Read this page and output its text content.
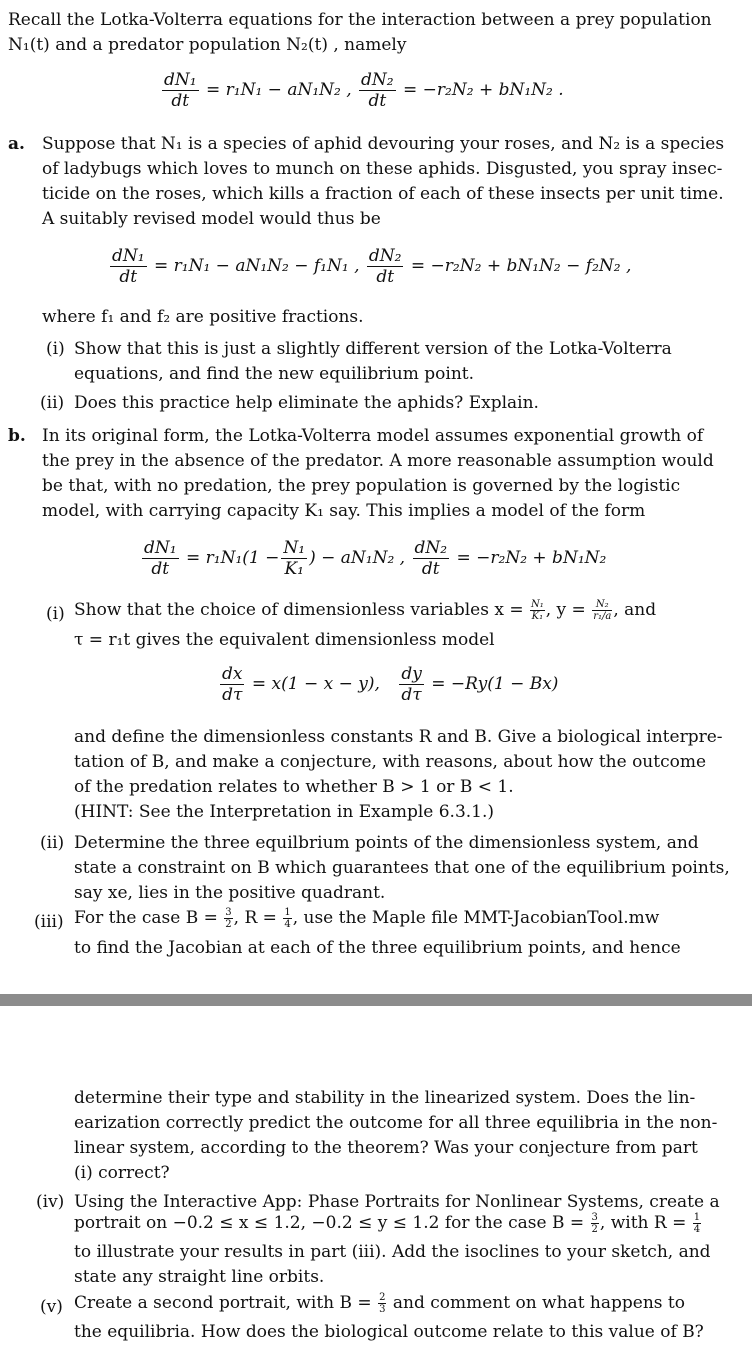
Recall the Lotka-Volterra equations for the interaction between a prey population

N₁(t) and a predator population N₂(t) , namely

$\frac{\text{dN₁}}{dt} = r_1N_1 - aN_1N_2$ , $\frac{\text{dN₂}}{dt} = -r_2N_2 + bN_1N_2$ .
a. Suppose that N₁ is a species of aphid devouring your roses, and N₂ is a species

of ladybugs which loves to munch on these aphids. Disgusted, you spray insec-

ticide on the roses, which kills a fraction of each of these insects per unit time.

A suitably revised model would thus be

$\frac{\text{dN₁}}{dt} = r_1N_1 - aN_1N_2 - f_1N_1$ , $\frac{\text{dN₂}}{dt} = -r_2N_2 + bN_1N_2 - f_2N_2$ ,

where f₁ and f₂ are positive fractions.

(i) Show that this is just a slightly different version of the Lotka-Volterra

equations, and find the new equilibrium point.

(ii) Does this practice help eliminate the aphids? Explain.

b. In its original form, the Lotka-Volterra model assumes exponential growth of

the prey in the absence of the predator. A more reasonable assumption would

be that, with no predation, the prey population is governed by the logistic

model, with carrying capacity K₁ say. This implies a model of the form

$\frac{\text{dN₁}}{dt} = r_1N_1(1 - \frac{\text{N₁}}{\text{K₁}}$ ) − aN₁N₂ , $\frac{\text{dN₂}}{dt} = -r_2N_2 + bN_1N_2$
(i) Show that the choice of dimensionless variables $x = \frac{\text{N₁}}{\text{K₁}}$ , $y = \frac{\text{N₂}}{\text{r₁/a}}$ , and

τ = r₁t gives the equivalent dimensionless model

$\frac{dx}{d\tau} = x(1 - x - y)$, $\frac{dy}{d\tau} = -Ry(1 - Bx)$

and define the dimensionless constants R and B. Give a biological interpre-

tation of B, and make a conjecture, with reasons, about how the outcome

of the predation relates to whether B > 1 or B < 1.

(HINT: See the Interpretation in Example 6.3.1.)

(ii) Determine the three equilbrium points of the dimensionless system, and

state a constraint on B which guarantees that one of the equilibrium points,

say xe, lies in the positive quadrant.

(iii) For the case $B = \frac{3}{2}$ , $R = \frac{1}{4}$ , use the Maple file MMT-JacobianTool.mw

to find the Jacobian at each of the three equilibrium points, and hence

determine their type and stability in the linearized system. Does the lin-

earization correctly predict the outcome for all three equilibria in the non-

linear system, according to the theorem? Was your conjecture from part

(i) correct?

(iv) Using the Interactive App: Phase Portraits for Nonlinear Systems, create a

portrait on −0.2 ≤ x ≤ 1.2, −0.2 ≤ y ≤ 1.2 for the case $B = \frac{3}{2}$ , with $R = \frac{1}{4}$

to illustrate your results in part (iii). Add the isoclines to your sketch, and

state any straight line orbits.

(v) Create a second portrait, with $B = \frac{2}{3}$ and comment on what happens to

the equilibria. How does the biological outcome relate to this value of B?
